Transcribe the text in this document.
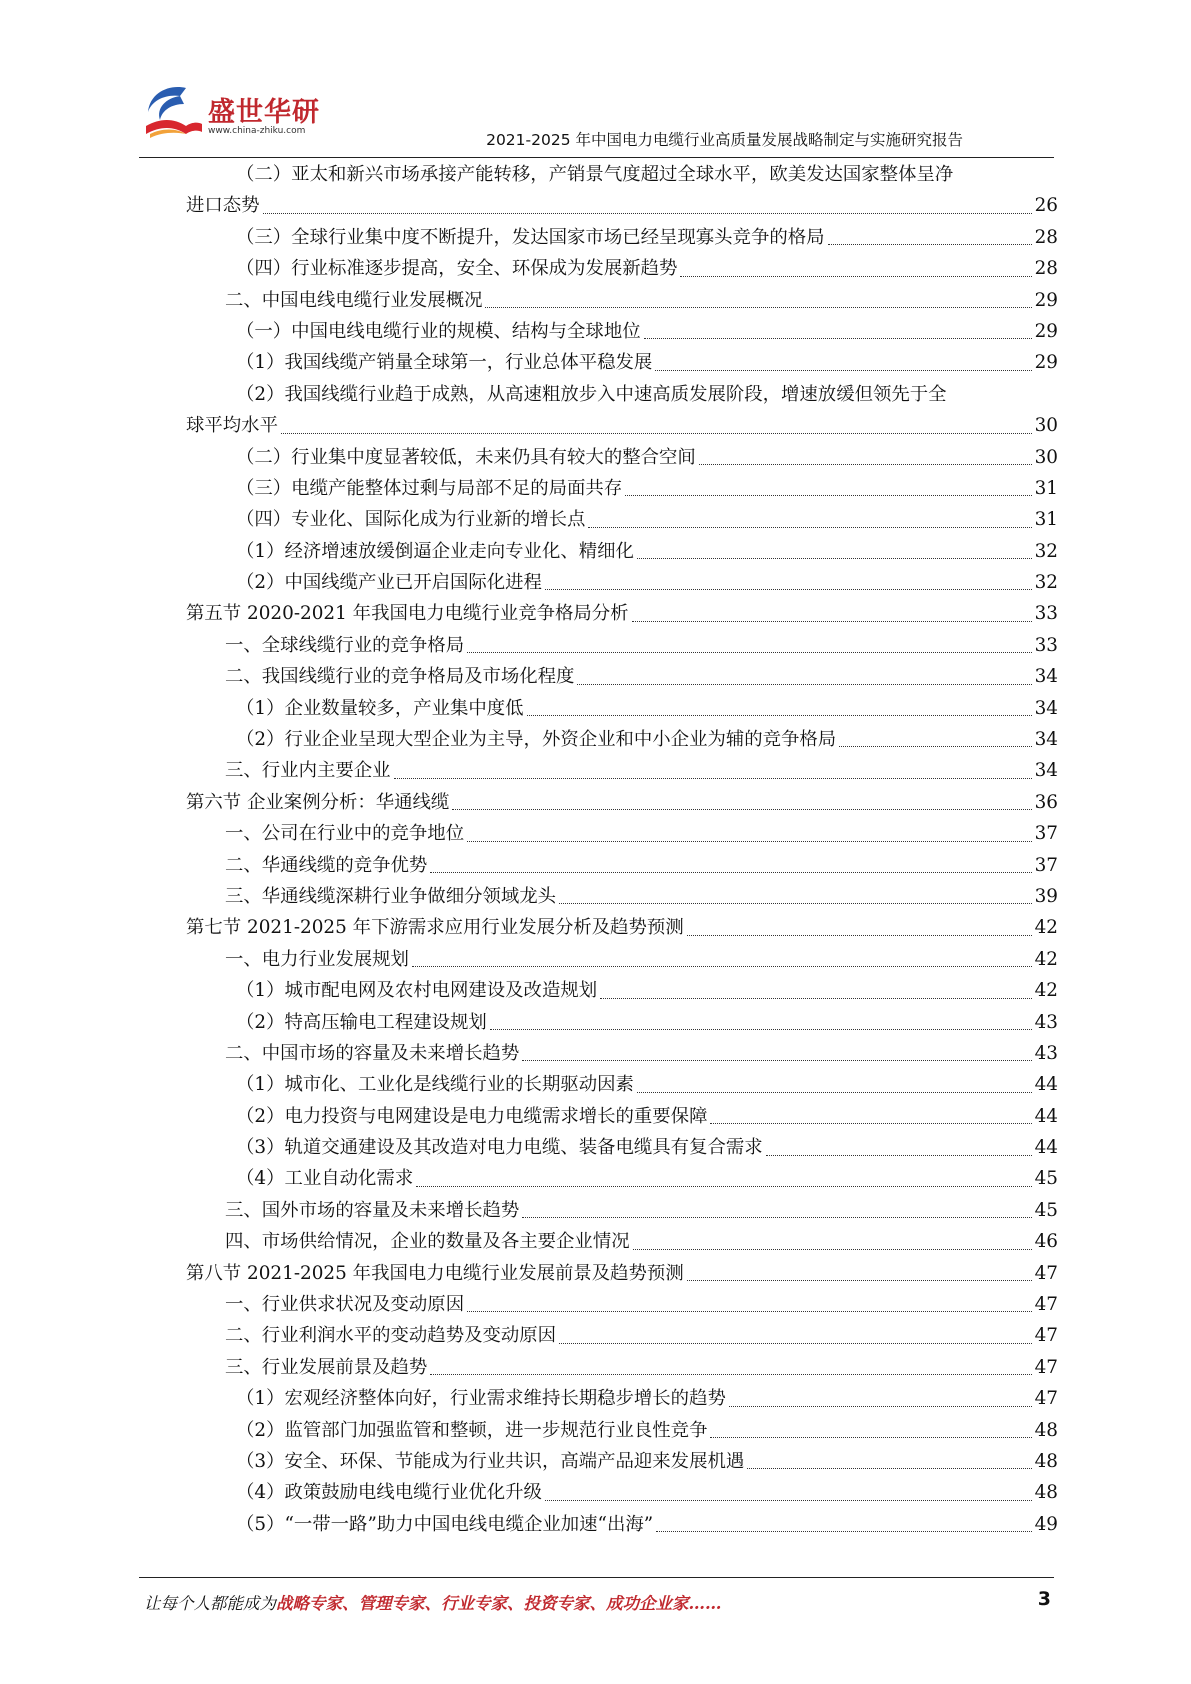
盛世华研
www.china-zhiku.com	2021-2025 年中国电力电缆行业高质量发展战略制定与实施研究报告
（二）亚太和新兴市场承接产能转移，产销景气度超过全球水平，欧美发达国家整体呈净
进口态势	26
（三）全球行业集中度不断提升，发达国家市场已经呈现寡头竞争的格局	28
（四）行业标准逐步提高，安全、环保成为发展新趋势	28
二、中国电线电缆行业发展概况	29
（一）中国电线电缆行业的规模、结构与全球地位	29
（1）我国线缆产销量全球第一，行业总体平稳发展	29
（2）我国线缆行业趋于成熟，从高速粗放步入中速高质发展阶段，增速放缓但领先于全
球平均水平	30
（二）行业集中度显著较低，未来仍具有较大的整合空间	30
（三）电缆产能整体过剩与局部不足的局面共存	31
（四）专业化、国际化成为行业新的增长点	31
（1）经济增速放缓倒逼企业走向专业化、精细化	32
（2）中国线缆产业已开启国际化进程	32
第五节 2020-2021 年我国电力电缆行业竞争格局分析	33
一、全球线缆行业的竞争格局	33
二、我国线缆行业的竞争格局及市场化程度	34
（1）企业数量较多，产业集中度低	34
（2）行业企业呈现大型企业为主导，外资企业和中小企业为辅的竞争格局	34
三、行业内主要企业	34
第六节 企业案例分析：华通线缆	36
一、公司在行业中的竞争地位	37
二、华通线缆的竞争优势	37
三、华通线缆深耕行业争做细分领域龙头	39
第七节 2021-2025 年下游需求应用行业发展分析及趋势预测	42
一、电力行业发展规划	42
（1）城市配电网及农村电网建设及改造规划	42
（2）特高压输电工程建设规划	43
二、中国市场的容量及未来增长趋势	43
（1）城市化、工业化是线缆行业的长期驱动因素	44
（2）电力投资与电网建设是电力电缆需求增长的重要保障	44
（3）轨道交通建设及其改造对电力电缆、装备电缆具有复合需求	44
（4）工业自动化需求	45
三、国外市场的容量及未来增长趋势	45
四、市场供给情况，企业的数量及各主要企业情况	46
第八节 2021-2025 年我国电力电缆行业发展前景及趋势预测	47
一、行业供求状况及变动原因	47
二、行业利润水平的变动趋势及变动原因	47
三、行业发展前景及趋势	47
（1）宏观经济整体向好，行业需求维持长期稳步增长的趋势	47
（2）监管部门加强监管和整顿，进一步规范行业良性竞争	48
（3）安全、环保、节能成为行业共识，高端产品迎来发展机遇	48
（4）政策鼓励电线电缆行业优化升级	48
（5）“一带一路”助力中国电线电缆企业加速“出海”	49
让每个人都能成为战略专家、管理专家、行业专家、投资专家、成功企业家……	3
